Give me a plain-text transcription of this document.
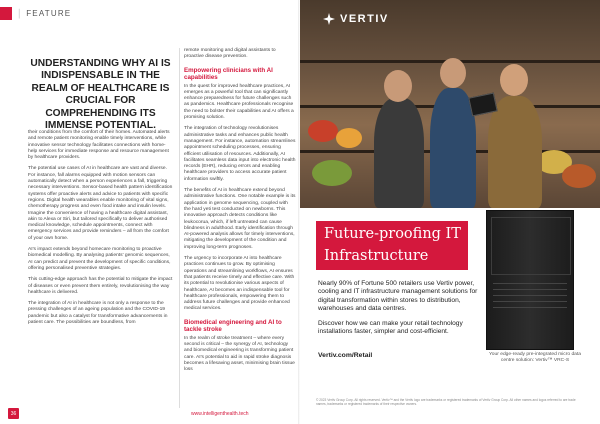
│ FEATURE
UNDERSTANDING WHY AI IS INDISPENSABLE IN THE REALM OF HEALTHCARE IS CRUCIAL FOR COMPREHENDING ITS IMMENSE POTENTIAL.

their conditions from the comfort of their homes. Automated alerts and remote patient monitoring enable timely interventions, while innovative sensor technology facilitates connections with home-help services for immediate response and resource management by healthcare providers.

The potential use cases of AI in healthcare are vast and diverse. For instance, fall alarms equipped with motion sensors can automatically detect when a person experiences a fall, triggering necessary interventions. Sensor-based health pattern identification systems offer proactive alerts and advice to patients with specific regions. Digital health wearables enable monitoring of vital signs, chemotherapy progress and even food intake and insulin levels. Imagine the convenience of having a healthcare digital assistant, akin to Alexa or Siri, but tailored specifically to deliver authorised medical knowledge, schedule appointments, connect with emergency services and provide reminders – all from the comfort of your own home.

AI's impact extends beyond homecare monitoring to proactive biomedical modelling. By analysing patients' genomic sequences, AI can predict and prevent the development of specific conditions, offering personalised preventive strategies.

This cutting-edge approach has the potential to mitigate the impact of diseases or even prevent them entirely, revolutionising the way healthcare is delivered.

The integration of AI in healthcare is not only a response to the pressing challenges of an ageing population and the COVID-19 pandemic but also a catalyst for transformative advancements in patient care. The possibilities are boundless, from

remote monitoring and digital assistants to proactive disease prevention.

Empowering clinicians with AI capabilities

In the quest for improved healthcare practices, AI emerges as a powerful tool that can significantly enhance preparedness for future challenges such as pandemics. Healthcare professionals recognise the need to bolster their capabilities and AI offers a promising solution.

The integration of technology revolutionises administrative tasks and enhances public health management. For instance, automation streamlines appointment scheduling processes, ensuring efficient utilisation of resources. Additionally, AI facilitates seamless data input into electronic health records (EHR), reducing errors and enabling healthcare providers to access accurate patient information swiftly.

The benefits of AI in healthcare extend beyond administrative functions. One notable example is its application in genome sequencing, coupled with the hard yeti test conducted on newborns. This innovative approach detects conditions like leukocorua, which, if left untreated can cause blindness in adulthood. Early identification through AI-powered analysis allows for timely interventions, mitigating the development of the condition and improving long-term prognoses.

The urgency to incorporate AI into healthcare practices continues to grow. By optimising operations and streamlining workflows, AI ensures that patients receive timely and effective care. With its potential to revolutionise various aspects of healthcare, AI becomes an indispensable tool for healthcare professionals, empowering them to address future challenges and provide enhanced medical services.

Biomedical engineering and AI to tackle stroke

In the realm of stroke treatment – where every second is critical – the synergy of AI, technology and biomedical engineering is transforming patient care. AI's potential to aid in rapid stroke diagnosis becomes a lifesaving asset, minimising brain tissue loss

36	www.intelligenthealth.tech
VERTIV
Future-proofing IT Infrastructure

Nearly 90% of Fortune 500 retailers use Vertiv power, cooling and IT infrastructure management solutions for digital transformation within stores to distribution, warehouses and data centres.

Discover how we can make your retail technology installations faster, simpler and cost-efficient.

Vertiv.com/Retail	Your edge-ready pre-integrated micro data centre solution: Vertiv™ VRC-S
© 2023 Vertiv Group Corp. All rights reserved. Vertiv™ and the Vertiv logo are trademarks or registered trademarks of Vertiv Group Corp. All other names and logos referred to are trade names, trademarks or registered trademarks of their respective owners.
